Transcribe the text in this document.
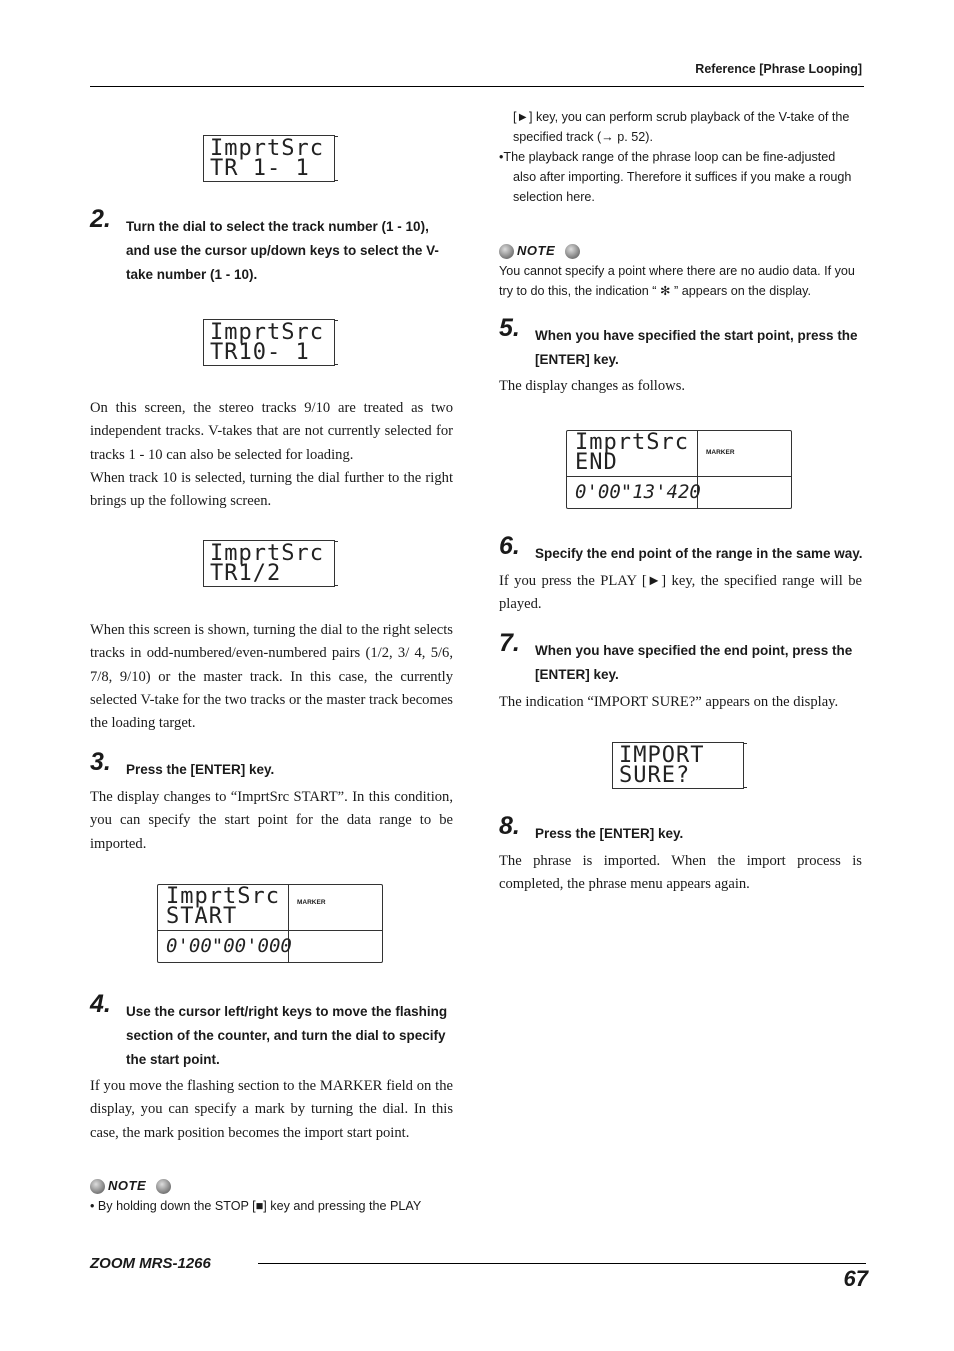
Reference [Phrase Looping]
ImprtSrc
TR 1- 1
2. Turn the dial to select the track number (1 - 10), and use the cursor up/down keys to select the V-take number (1 - 10).
ImprtSrc
TR10- 1

On this screen, the stereo tracks 9/10 are treated as two independent tracks. V-takes that are not currently selected for tracks 1 - 10 can also be selected for loading.

When track 10 is selected, turning the dial further to the right brings up the following screen.

ImprtSrc
TR1/2

When this screen is shown, turning the dial to the right selects tracks in odd-numbered/even-numbered pairs (1/2, 3/ 4, 5/6, 7/8, 9/10) or the master track. In this case, the currently selected V-take for the two tracks or the master track becomes the loading target.

3. Press the [ENTER] key.

The display changes to “ImprtSrc START”. In this condition, you can specify the start point for the data range to be imported.

ImprtSrc
START
MARKER
0'00"00'000
4. Use the cursor left/right keys to move the flashing section of the counter, and turn the dial to specify the start point.

If you move the flashing section to the MARKER field on the display, you can specify a mark by turning the dial. In this case, the mark position becomes the import start point.

NOTE

• By holding down the STOP [■] key and pressing the PLAY

[►] key, you can perform scrub playback of the V-take of the specified track (→ p. 52).

•The playback range of the phrase loop can be fine-adjusted also after importing. Therefore it suffices if you make a rough selection here.

NOTE

You cannot specify a point where there are no audio data. If you try to do this, the indication “ ✻ ” appears on the display.

5. When you have specified the start point, press the [ENTER] key.

The display changes as follows.

ImprtSrc
END	MARKER
0'00"13'420
6. Specify the end point of the range in the same way.

If you press the PLAY [►] key, the specified range will be played.

7. When you have specified the end point, press the [ENTER] key.

The indication “IMPORT SURE?” appears on the display.

IMPORT
SURE?
8. Press the [ENTER] key.

The phrase is imported. When the import process is completed, the phrase menu appears again.

ZOOM MRS-1266
67
